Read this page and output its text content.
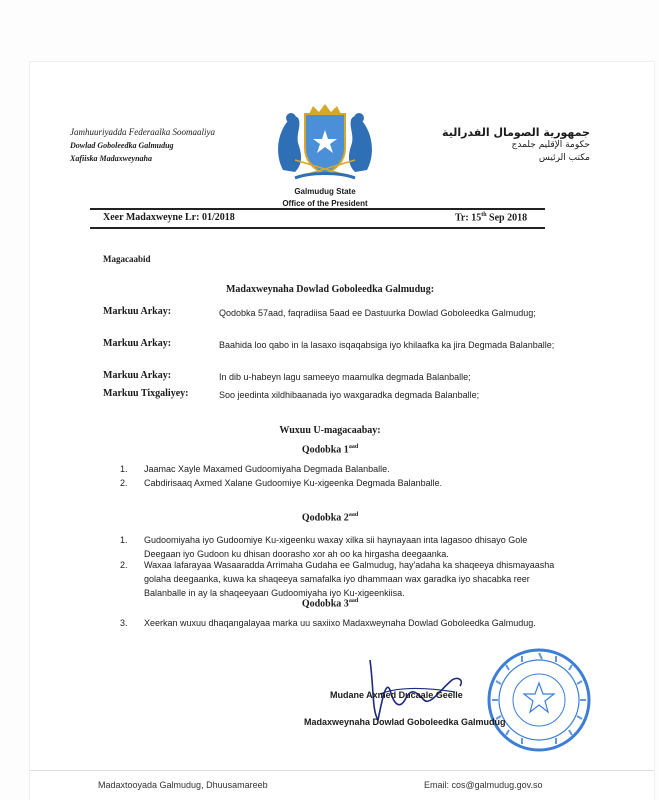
Jamhuuriyadda Federaalka Soomaaliya
Dowlad Goboleedka Galmudug
Xafiiska Madaxweynaha
جمهورية الصومال الفدرالية
حكومة الإقليم جلمدج
مكتب الرئيس
Galmudug State
Office of the President
Xeer Madaxweyne Lr: 01/2018	Tr: 15th Sep 2018
Magacaabid
Madaxweynaha Dowlad Goboleedka Galmudug:
Markuu Arkay:	Qodobka 57aad, faqradiisa 5aad ee Dastuurka Dowlad Goboleedka Galmudug;
Markuu Arkay:	Baahida loo qabo in la lasaxo isqaqabsiga iyo khilaafka ka jira Degmada Balanballe;
Markuu Arkay:	In dib u-habeyn lagu sameeyo maamulka degmada Balanballe;
Markuu Tixgaliyey:	Soo jeedinta xildhibaanada iyo waxgaradka degmada Balanballe;
Wuxuu U-magacaabay:
Qodobka $1^{aad}$
1.	Jaamac Xayle Maxamed Gudoomiyaha Degmada Balanballe.
2.	Cabdirisaaq Axmed Xalane Gudoomiye Ku-xigeenka Degmada Balanballe.
Qodobka $2^{aad}$
1.	Gudoomiyaha iyo Gudoomiye Ku-xigeenku waxay xilka sii haynayaan inta lagasoo dhisayo Gole Deegaan iyo Gudoon ku dhisan doorasho xor ah oo ka hirgasha deegaanka.
2.	Waxaa lafarayaa Wasaaradda Arrimaha Gudaha ee Galmudug, hay'adaha ka shaqeeya dhismayaasha golaha deegaanka, kuwa ka shaqeeya samafalka iyo dhammaan wax garadka iyo shacabka reer Balanballe in ay la shaqeeyaan Gudoomiyaha iyo Ku-xigeenkiisa.
Qodobka $3^{aad}$
3.	Xeerkan wuxuu dhaqangalayaa marka uu saxiixo Madaxweynaha Dowlad Goboleedka Galmudug.
Mudane Axmed Ducaale Geelle
Madaxweynaha Dowlad Goboleedka Galmudug
Madaxtooyada Galmudug, Dhuusamareeb	Email: cos@galmudug.gov.so
